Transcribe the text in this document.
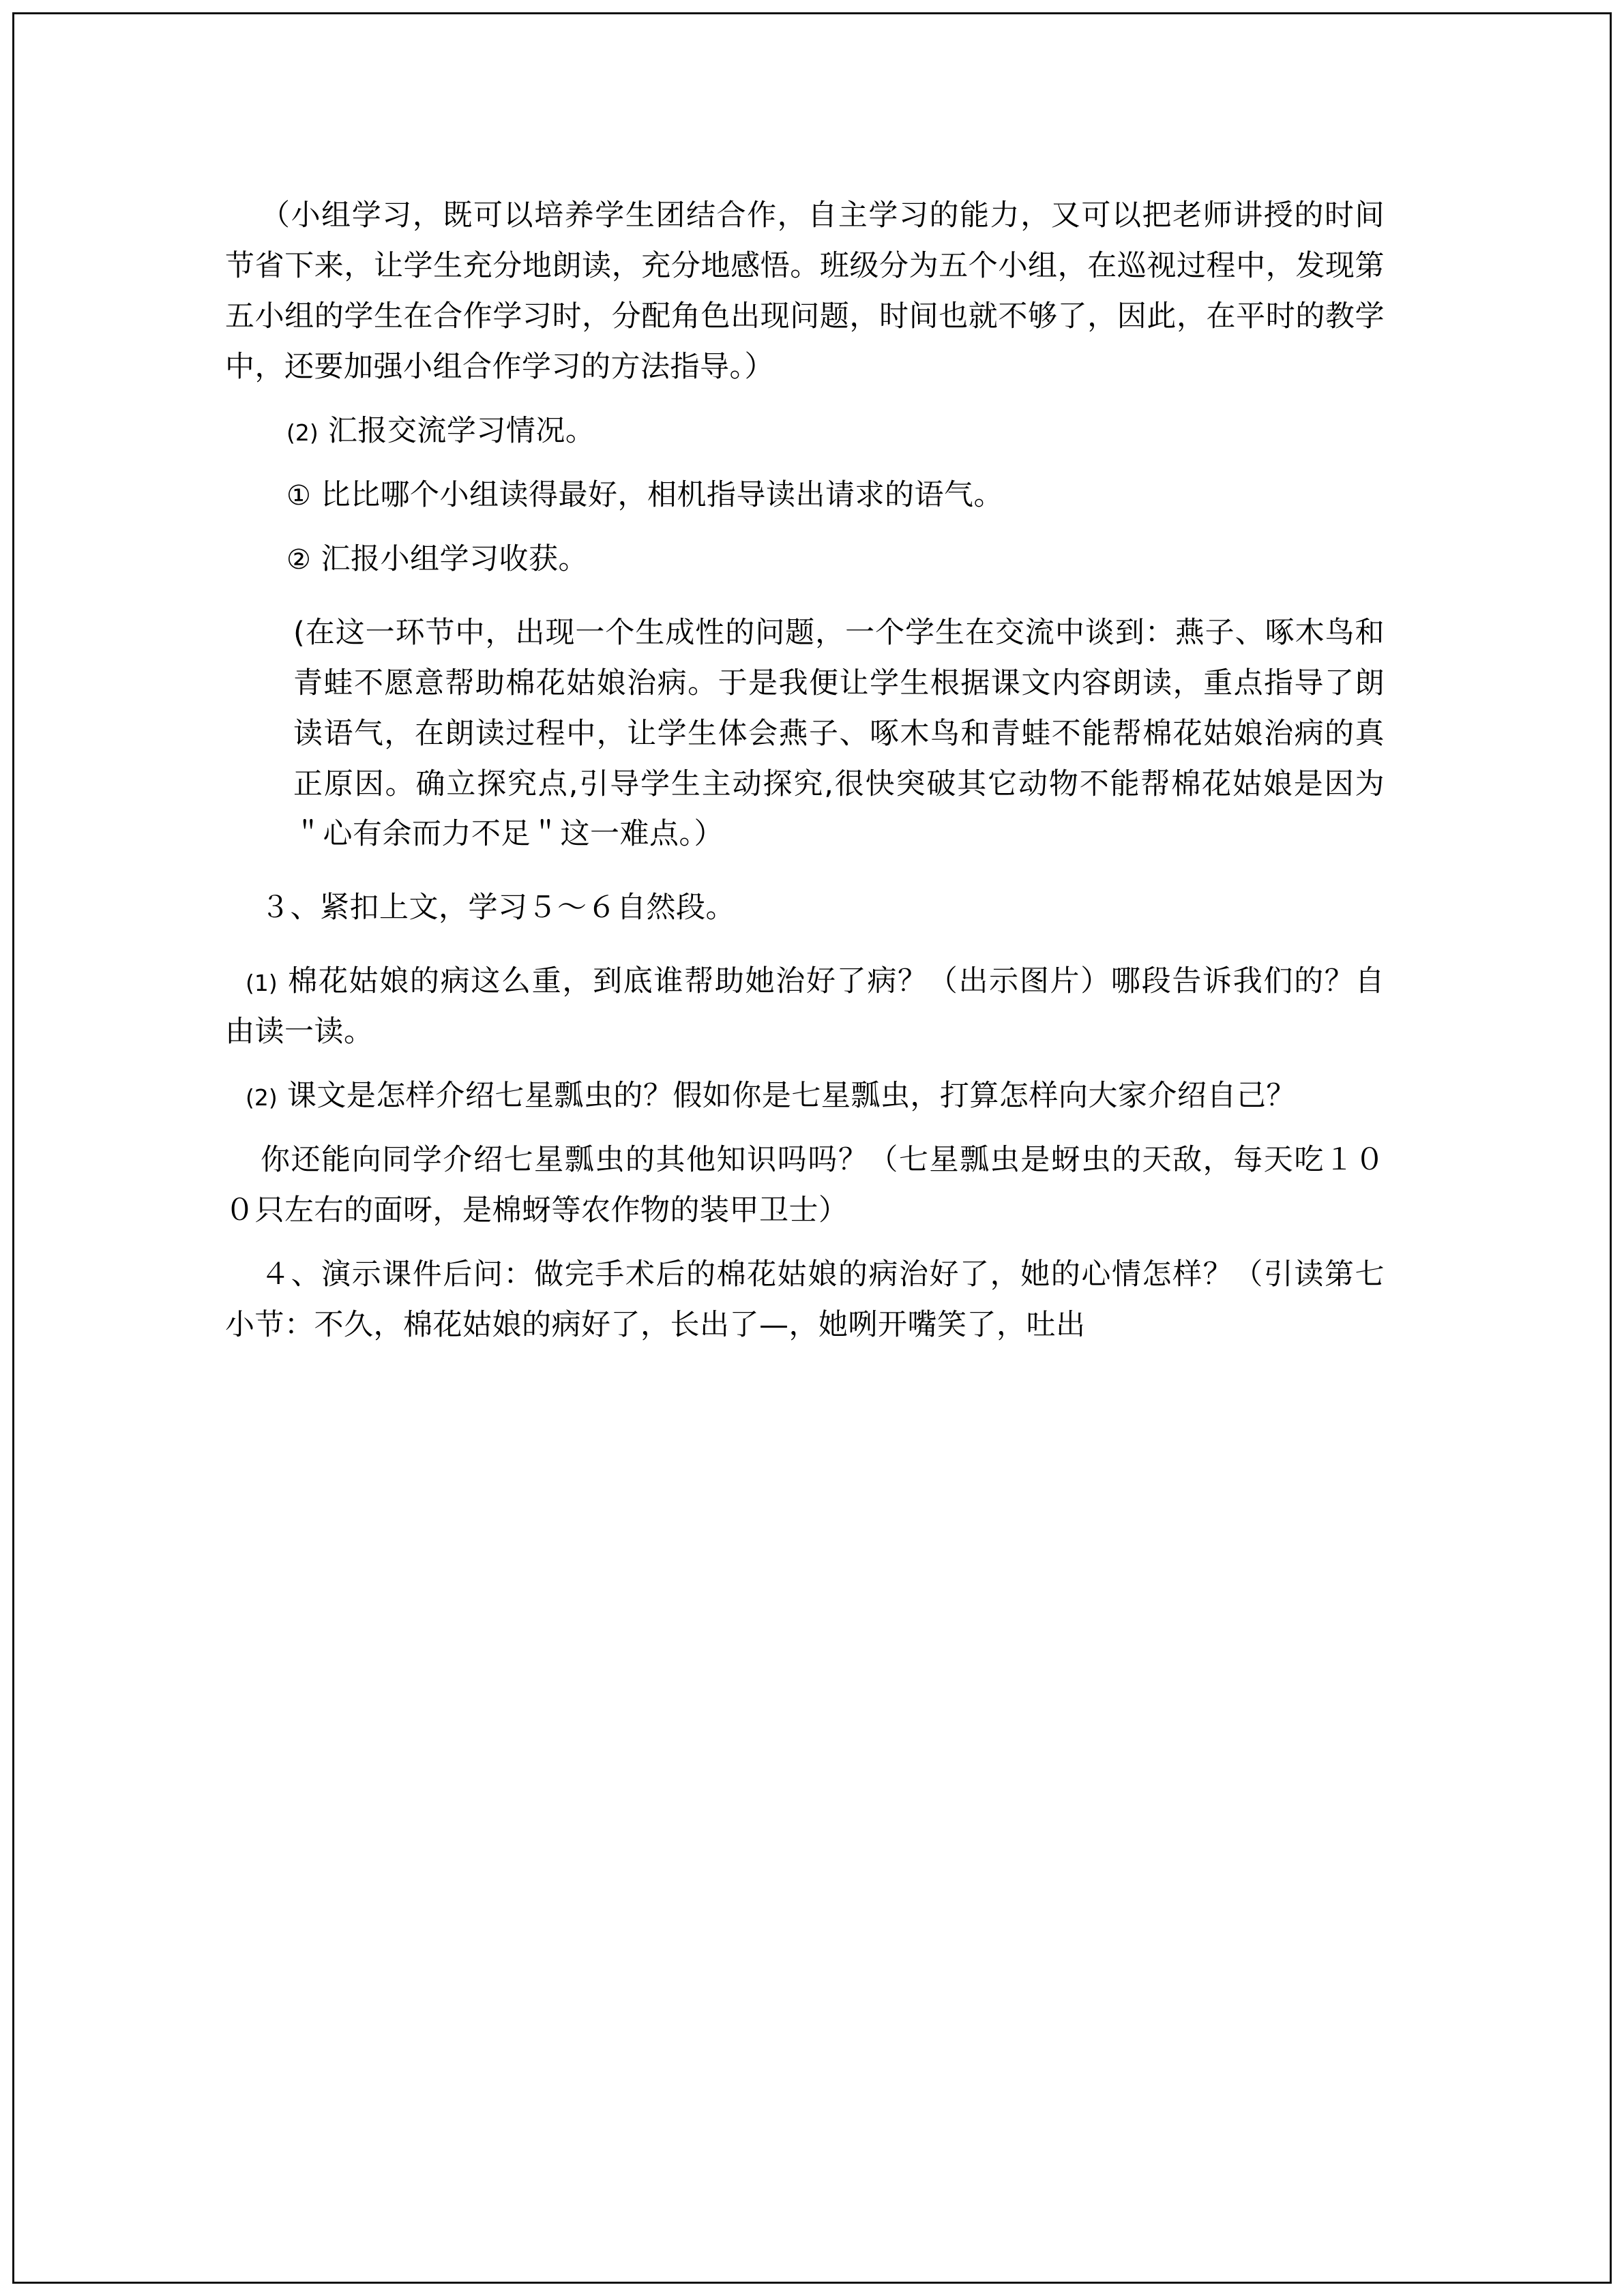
（小组学习，既可以培养学生团结合作，自主学习的能力，又可以把老师讲授的时间节省下来，让学生充分地朗读，充分地感悟。班级分为五个小组，在巡视过程中，发现第五小组的学生在合作学习时，分配角色出现问题，时间也就不够了，因此，在平时的教学中，还要加强小组合作学习的方法指导。）

(2) 汇报交流学习情况。

① 比比哪个小组读得最好，相机指导读出请求的语气。

② 汇报小组学习收获。

(在这一环节中，出现一个生成性的问题，一个学生在交流中谈到：燕子、啄木鸟和青蛙不愿意帮助棉花姑娘治病。于是我便让学生根据课文内容朗读，重点指导了朗读语气，在朗读过程中，让学生体会燕子、啄木鸟和青蛙不能帮棉花姑娘治病的真正原因。确立探究点,引导学生主动探究,很快突破其它动物不能帮棉花姑娘是因为 ＂心有余而力不足＂这一难点。）

３、紧扣上文，学习５～６自然段。

(1) 棉花姑娘的病这么重，到底谁帮助她治好了病？（出示图片）哪段告诉我们的？自由读一读。

(2) 课文是怎样介绍七星瓢虫的？假如你是七星瓢虫，打算怎样向大家介绍自己？

你还能向同学介绍七星瓢虫的其他知识吗吗？（七星瓢虫是蚜虫的天敌，每天吃１００只左右的面呀，是棉蚜等农作物的装甲卫士）

４、演示课件后问：做完手术后的棉花姑娘的病治好了，她的心情怎样？（引读第七小节：不久，棉花姑娘的病好了，长出了—，她咧开嘴笑了，吐出
